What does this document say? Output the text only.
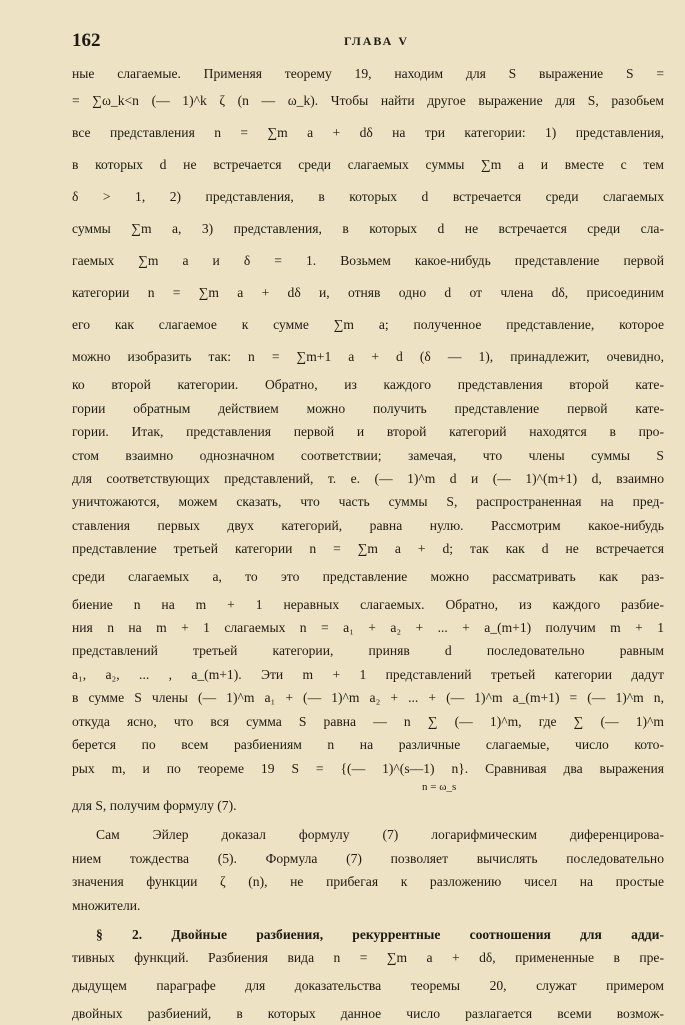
162	ГЛАВА V

ные слагаемые. Применяя теорему 19, находим для S выражение S =

= ∑ω_k<n (— 1)^k ζ (n — ω_k). Чтобы найти другое выражение для S, разобьем

все представления n = ∑m a + dδ на три категории: 1) представления,

в которых d не встречается среди слагаемых суммы ∑m a и вместе с тем

δ > 1, 2) представления, в которых d встречается среди слагаемых

суммы ∑m a, 3) представления, в которых d не встречается среди сла-

гаемых ∑m a и δ = 1. Возьмем какое-нибудь представление первой

категории n = ∑m a + dδ и, отняв одно d от члена dδ, присоединим

его как слагаемое к сумме ∑m a; полученное представление, которое

можно изобразить так: n = ∑m+1 a + d (δ — 1), принадлежит, очевидно,

ко второй категории. Обратно, из каждого представления второй кате-

гории обратным действием можно получить представление первой кате-

гории. Итак, представления первой и второй категорий находятся в про-

стом взаимно однозначном соответствии; замечая, что члены суммы S

для соответствующих представлений, т. е. (— 1)^m d и (— 1)^(m+1) d, взаимно

уничтожаются, можем сказать, что часть суммы S, распространенная на пред-

ставления первых двух категорий, равна нулю. Рассмотрим какое-нибудь

представление третьей категории n = ∑m a + d; так как d не встречается

среди слагаемых a, то это представление можно рассматривать как раз-

биение n на m + 1 неравных слагаемых. Обратно, из каждого разбие-

ния n на m + 1 слагаемых n = a₁ + a₂ + ... + a_(m+1) получим m + 1

представлений третьей категории, приняв d последовательно равным

a₁, a₂, ... , a_(m+1). Эти m + 1 представлений третьей категории дадут

в сумме S члены (— 1)^m a₁ + (— 1)^m a₂ + ... + (— 1)^m a_(m+1) = (— 1)^m n,

откуда ясно, что вся сумма S равна — n ∑ (— 1)^m, где ∑ (— 1)^m

берется по всем разбиениям n на различные слагаемые, число кото-

рых m, и по теореме 19 S = {(— 1)^(s—1) n}. Сравнивая два выражения

n = ω_s

для S, получим формулу (7).

Сам Эйлер доказал формулу (7) логарифмическим диференцирова-

нием тождества (5). Формула (7) позволяет вычислять последовательно

значения функции ζ (n), не прибегая к разложению чисел на простые

множители.

§ 2. Двойные разбиения, рекуррентные соотношения для адди-

тивных функций. Разбиения вида n = ∑m a + dδ, примененные в пре-

дыдущем параграфе для доказательства теоремы 20, служат примером

двойных разбиений, в которых данное число разлагается всеми возмож-
